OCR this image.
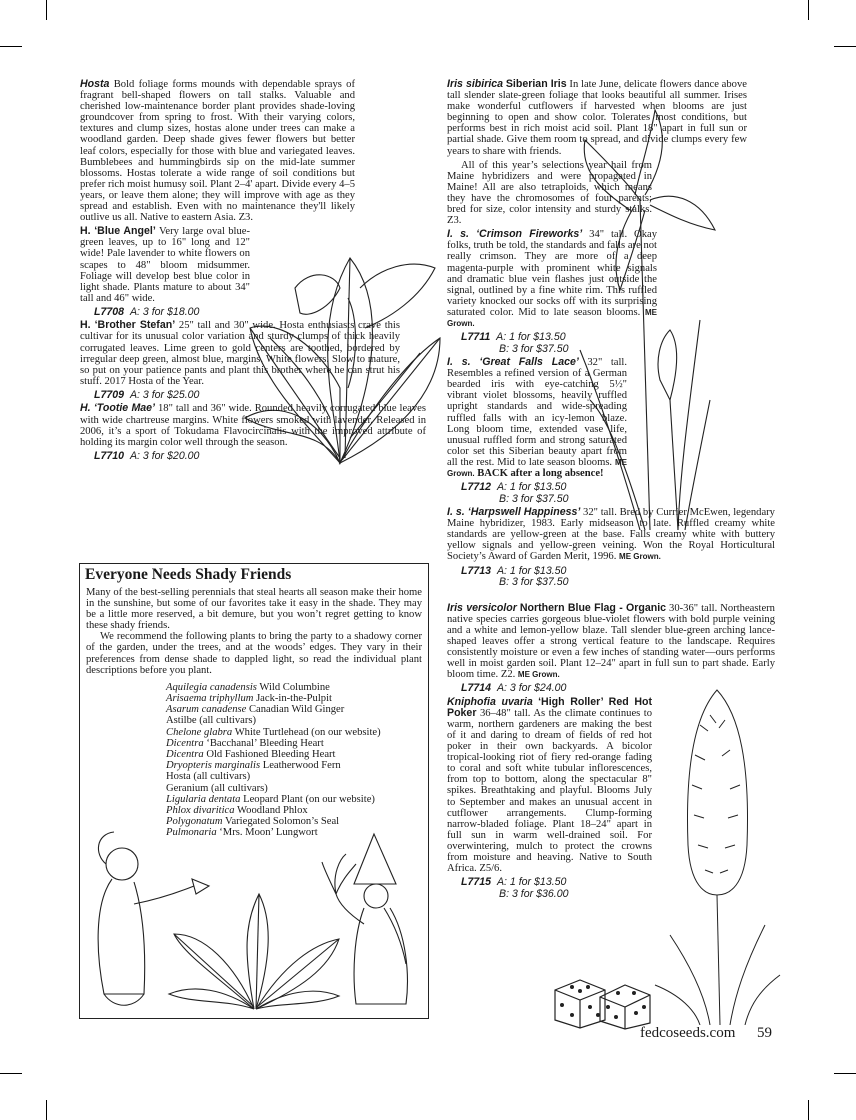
Hosta Bold foliage forms mounds with dependable sprays of fragrant bell-shaped flowers on tall stalks. Valuable and cherished low-maintenance border plant provides shade-loving groundcover from spring to frost. With their varying colors, textures and clump sizes, hostas alone under trees can make a woodland garden. Deep shade gives fewer flowers but better leaf colors, especially for those with blue and variegated leaves. Bumblebees and hummingbirds sip on the mid-late summer blossoms. Hostas tolerate a wide range of soil conditions but prefer rich moist humusy soil. Plant 2–4' apart. Divide every 4–5 years, or leave them alone; they will improve with age as they spread and establish. Even with no maintenance they'll likely outlive us all. Native to eastern Asia. Z3.

H. ‘Blue Angel’ Very large oval blue-green leaves, up to 16" long and 12" wide! Pale lavender to white flowers on scapes to 48" bloom midsummer. Foliage will develop best blue color in light shade. Plants mature to about 34" tall and 46" wide.

L7708 A: 3 for $18.00

H. ‘Brother Stefan’ 25" tall and 30" wide. Hosta enthusiasts crave this cultivar for its unusual color variation and sturdy clumps of thick heavily corrugated leaves. Lime green to gold centers are toothed, bordered by irregular deep green, almost blue, margins. White flowers. Slow to mature, so put on your patience pants and plant this brother where he can strut his stuff. 2017 Hosta of the Year.

L7709 A: 3 for $25.00

H. ‘Tootie Mae’ 18" tall and 36" wide. Rounded heavily corrugated blue leaves with wide chartreuse margins. White flowers smoked with lavender. Released in 2006, it’s a sport of Tokudama Flavocircinalis with the improved attribute of holding its margin color well through the season.

L7710 A: 3 for $20.00
Everyone Needs Shady Friends

Many of the best-selling perennials that steal hearts all season make their home in the sunshine, but some of our favorites take it easy in the shade. They may be a little more reserved, a bit demure, but you won’t regret getting to know these shady friends.

We recommend the following plants to bring the party to a shadowy corner of the garden, under the trees, and at the woods’ edges. They vary in their preferences from dense shade to dappled light, so read the individual plant descriptions before you plant.

Aquilegia canadensis Wild Columbine
Arisaema triphyllum Jack-in-the-Pulpit
Asarum canadense Canadian Wild Ginger
Astilbe (all cultivars)
Chelone glabra White Turtlehead (on our website)
Dicentra ‘Bacchanal’ Bleeding Heart
Dicentra Old Fashioned Bleeding Heart
Dryopteris marginalis Leatherwood Fern
Hosta (all cultivars)
Geranium (all cultivars)
Ligularia dentata Leopard Plant (on our website)
Phlox divaritica Woodland Phlox
Polygonatum Variegated Solomon’s Seal
Pulmonaria ‘Mrs. Moon’ Lungwort

Iris sibirica Siberian Iris In late June, delicate flowers dance above tall slender slate-green foliage that looks beautiful all summer. Irises make wonderful cutflowers if harvested when blooms are just beginning to open and show color. Tolerates most conditions, but performs best in rich moist acid soil. Plant 18" apart in full sun or partial shade. Give them room to spread, and divide clumps every few years to share with friends.

All of this year’s selections year hail from Maine hybridizers and were propagated in Maine! All are also tetraploids, which means they have the chromosomes of four parents; bred for size, color intensity and sturdy stalks. Z3.

I. s. ‘Crimson Fireworks’ 34" tall. Okay folks, truth be told, the standards and falls are not really crimson. They are more of a deep magenta-purple with prominent white signals and dramatic blue vein flashes just outside the signal, outlined by a fine white rim. This ruffled variety knocked our socks off with its surprising saturated color. Mid to late season blooms. ME Grown.

L7711 A: 1 for $13.50
B: 3 for $37.50

I. s. ‘Great Falls Lace’ 32" tall. Resembles a refined version of a German bearded iris with eye-catching 5½" vibrant violet blossoms, heavily ruffled upright standards and wide-spreading ruffled falls with an icy-lemon blaze. Long bloom time, extended vase life, unusual ruffled form and strong saturated color set this Siberian beauty apart from all the rest. Mid to late season blooms. ME Grown. BACK after a long absence!

L7712 A: 1 for $13.50
B: 3 for $37.50

I. s. ‘Harpswell Happiness’ 32" tall. Bred by Currier McEwen, legendary Maine hybridizer, 1983. Early midseason to late. Ruffled creamy white standards are yellow-green at the base. Falls creamy white with buttery yellow signals and yellow-green veining. Won the Royal Horticultural Society’s Award of Garden Merit, 1996. ME Grown.

L7713 A: 1 for $13.50
B: 3 for $37.50

Iris versicolor Northern Blue Flag - Organic 30-36" tall. Northeastern native species carries gorgeous blue-violet flowers with bold purple veining and a white and lemon-yellow blaze. Tall slender blue-green arching lance-shaped leaves offer a strong vertical feature to the landscape. Requires consistently moisture or even a few inches of standing water—ours performs well in moist garden soil. Plant 12–24" apart in full sun to part shade. Early bloom time. Z2. ME Grown.

L7714 A: 3 for $24.00

Kniphofia uvaria ‘High Roller’ Red Hot Poker 36–48" tall. As the climate continues to warm, northern gardeners are making the best of it and daring to dream of fields of red hot poker in their own backyards. A bicolor tropical-looking riot of fiery red-orange fading to coral and soft white tubular inflorescences, from top to bottom, along the spectacular 8" spikes. Breathtaking and playful. Blooms July to September and makes an unusual accent in cutflower arrangements. Clump-forming narrow-bladed foliage. Plant 18–24" apart in full sun in warm well-drained soil. For overwintering, mulch to protect the crowns from moisture and heaving. Native to South Africa. Z5/6.

L7715 A: 1 for $13.50
B: 3 for $36.00
fedcoseeds.com 59
